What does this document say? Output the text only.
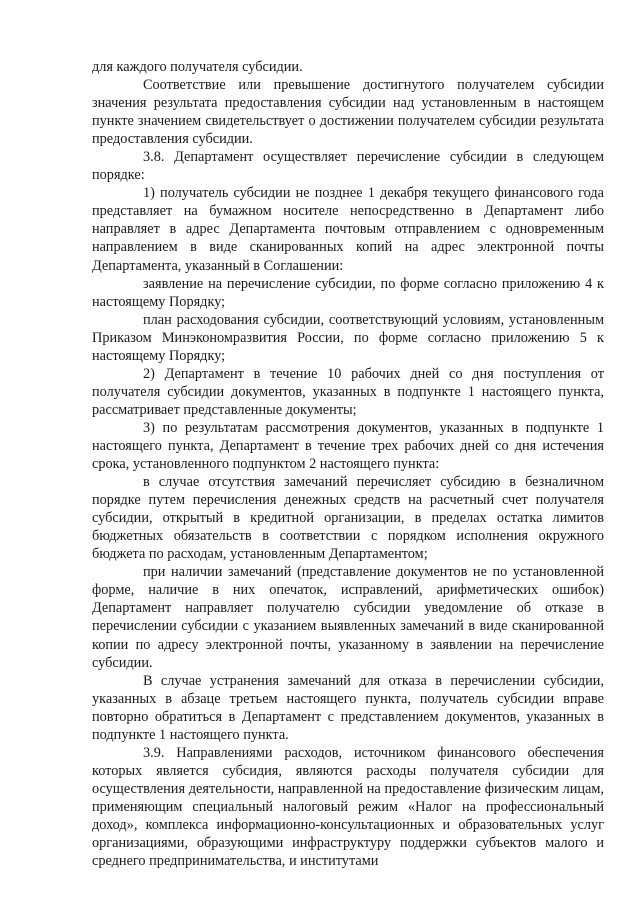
для каждого получателя субсидии.

Соответствие или превышение достигнутого получателем субсидии значения результата предоставления субсидии над установленным в настоящем пункте значением свидетельствует о достижении получателем субсидии результата предоставления субсидии.

3.8. Департамент осуществляет перечисление субсидии в следующем порядке:

1) получатель субсидии не позднее 1 декабря текущего финансового года представляет на бумажном носителе непосредственно в Департамент либо направляет в адрес Департамента почтовым отправлением с одновременным направлением в виде сканированных копий на адрес электронной почты Департамента, указанный в Соглашении:

заявление на перечисление субсидии, по форме согласно приложению 4 к настоящему Порядку;

план расходования субсидии, соответствующий условиям, установленным Приказом Минэкономразвития России, по форме согласно приложению 5 к настоящему Порядку;

2) Департамент в течение 10 рабочих дней со дня поступления от получателя субсидии документов, указанных в подпункте 1 настоящего пункта, рассматривает представленные документы;

3) по результатам рассмотрения документов, указанных в подпункте 1 настоящего пункта, Департамент в течение трех рабочих дней со дня истечения срока, установленного подпунктом 2 настоящего пункта:

в случае отсутствия замечаний перечисляет субсидию в безналичном порядке путем перечисления денежных средств на расчетный счет получателя субсидии, открытый в кредитной организации, в пределах остатка лимитов бюджетных обязательств в соответствии с порядком исполнения окружного бюджета по расходам, установленным Департаментом;

при наличии замечаний (представление документов не по установленной форме, наличие в них опечаток, исправлений, арифметических ошибок) Департамент направляет получателю субсидии уведомление об отказе в перечислении субсидии с указанием выявленных замечаний в виде сканированной копии по адресу электронной почты, указанному в заявлении на перечисление субсидии.

В случае устранения замечаний для отказа в перечислении субсидии, указанных в абзаце третьем настоящего пункта, получатель субсидии вправе повторно обратиться в Департамент с представлением документов, указанных в подпункте 1 настоящего пункта.

3.9. Направлениями расходов, источником финансового обеспечения которых является субсидия, являются расходы получателя субсидии для осуществления деятельности, направленной на предоставление физическим лицам, применяющим специальный налоговый режим «Налог на профессиональный доход», комплекса информационно-консультационных и образовательных услуг организациями, образующими инфраструктуру поддержки субъектов малого и среднего предпринимательства, и институтами
